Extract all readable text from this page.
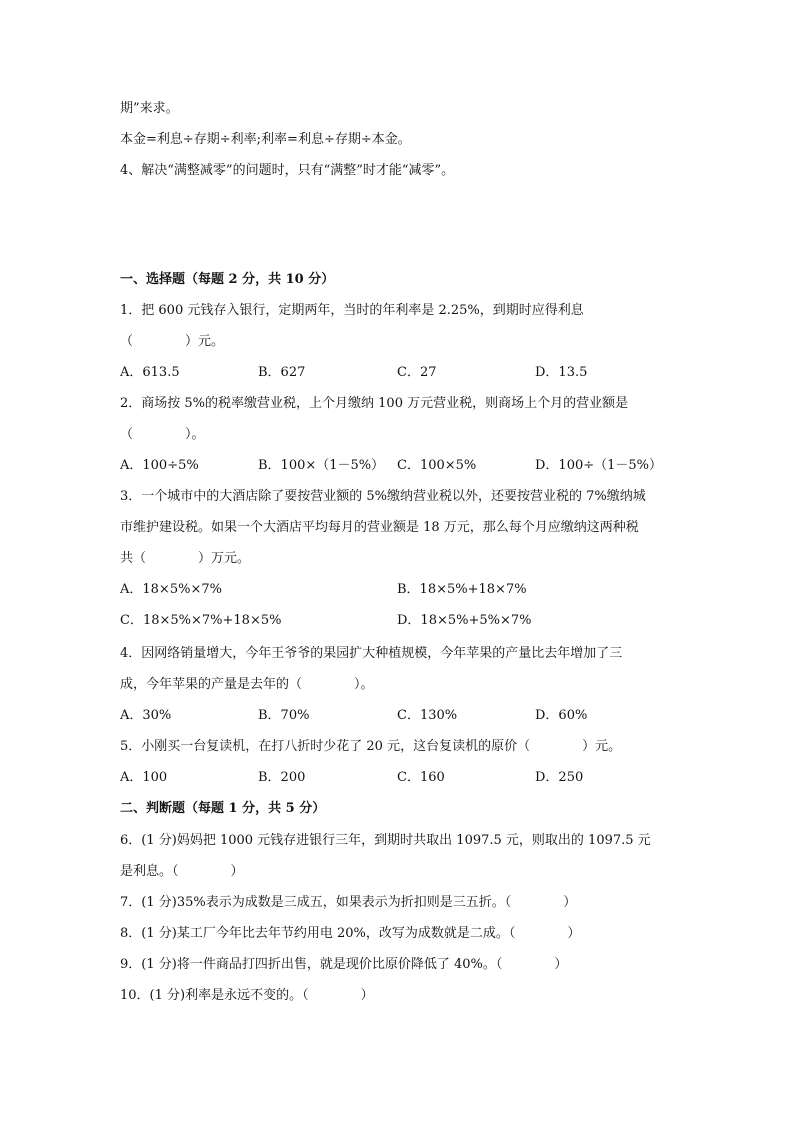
期”来求。
本金=利息÷存期÷利率;利率=利息÷存期÷本金。
4、解决“满整减零”的问题时，只有“满整”时才能“减零”。
一、选择题（每题 2 分，共 10 分）
1．把 600 元钱存入银行，定期两年，当时的年利率是 2.25%，到期时应得利息
（　　　　）元。
A．613.5	B．627	C．27	D．13.5
2．商场按 5%的税率缴营业税，上个月缴纳 100 万元营业税，则商场上个月的营业额是
（　　　　）。
A．100÷5%	B．100×（1－5%） C．100×5%	D．100÷（1－5%）
3．一个城市中的大酒店除了要按营业额的 5%缴纳营业税以外，还要按营业税的 7%缴纳城
市维护建设税。如果一个大酒店平均每月的营业额是 18 万元，那么每个月应缴纳这两种税
共（　　　　）万元。
A．18×5%×7%	B．18×5%+18×7%
C．18×5%×7%+18×5%	D．18×5%+5%×7%
4．因网络销量增大，今年王爷爷的果园扩大种植规模，今年苹果的产量比去年增加了三
成，今年苹果的产量是去年的（　　　　）。
A．30%	B．70%	C．130%	D．60%
5．小刚买一台复读机，在打八折时少花了 20 元，这台复读机的原价（　　　　）元。
A．100	B．200	C．160	D．250
二、判断题（每题 1 分，共 5 分）
6．(1 分)妈妈把 1000 元钱存进银行三年，到期时共取出 1097.5 元，则取出的 1097.5 元
是利息。（　　　　）
7．(1 分)35%表示为成数是三成五，如果表示为折扣则是三五折。（　　　　）
8．(1 分)某工厂今年比去年节约用电 20%，改写为成数就是二成。（　　　　）
9．(1 分)将一件商品打四折出售，就是现价比原价降低了 40%。（　　　　）
10．(1 分)利率是永远不变的。（　　　　）
